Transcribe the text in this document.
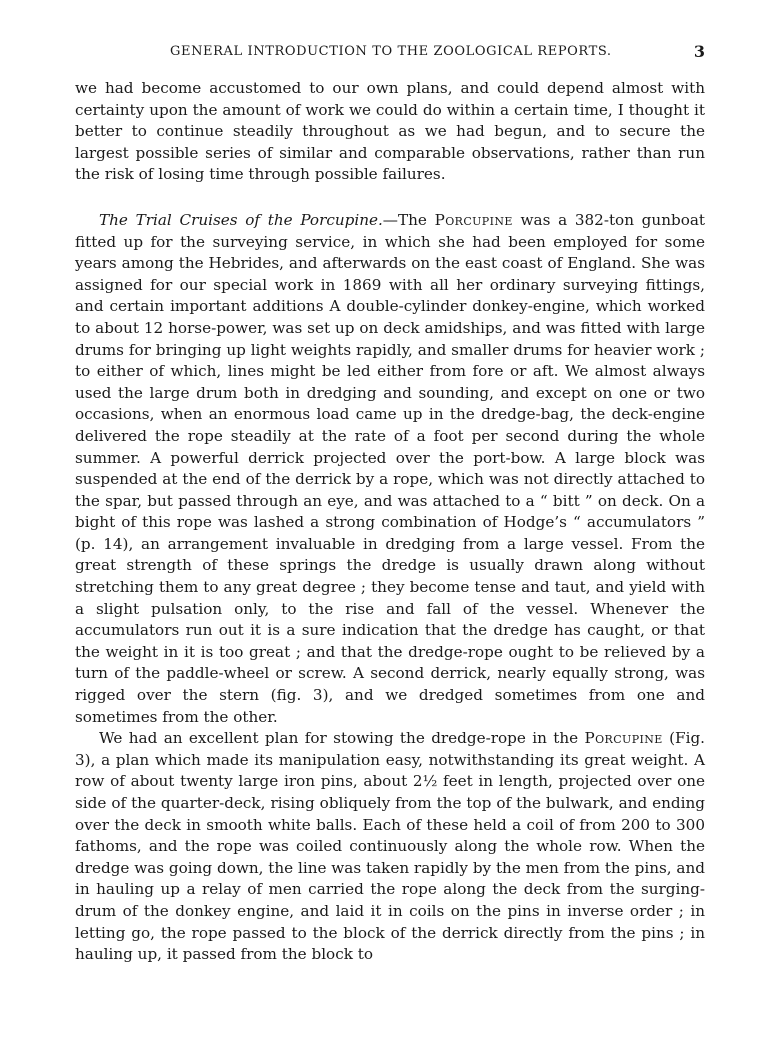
GENERAL INTRODUCTION TO THE ZOOLOGICAL REPORTS.	3

we had become accustomed to our own plans, and could depend almost with certainty upon the amount of work we could do within a certain time, I thought it better to continue steadily throughout as we had begun, and to secure the largest possible series of similar and comparable observations, rather than run the risk of losing time through possible failures.

The Trial Cruises of the Porcupine.—The Porcupine was a 382-ton gunboat fitted up for the surveying service, in which she had been employed for some years among the Hebrides, and afterwards on the east coast of England. She was assigned for our special work in 1869 with all her ordinary surveying fittings, and certain important additions A double-cylinder donkey-engine, which worked to about 12 horse-power, was set up on deck amidships, and was fitted with large drums for bringing up light weights rapidly, and smaller drums for heavier work ; to either of which, lines might be led either from fore or aft. We almost always used the large drum both in dredging and sounding, and except on one or two occasions, when an enormous load came up in the dredge-bag, the deck-engine delivered the rope steadily at the rate of a foot per second during the whole summer. A powerful derrick projected over the port-bow. A large block was suspended at the end of the derrick by a rope, which was not directly attached to the spar, but passed through an eye, and was attached to a “ bitt ” on deck. On a bight of this rope was lashed a strong combination of Hodge’s “ accumulators ” (p. 14), an arrangement invaluable in dredging from a large vessel. From the great strength of these springs the dredge is usually drawn along without stretching them to any great degree ; they become tense and taut, and yield with a slight pulsation only, to the rise and fall of the vessel. Whenever the accumulators run out it is a sure indication that the dredge has caught, or that the weight in it is too great ; and that the dredge-rope ought to be relieved by a turn of the paddle-wheel or screw. A second derrick, nearly equally strong, was rigged over the stern (fig. 3), and we dredged sometimes from one and sometimes from the other.

We had an excellent plan for stowing the dredge-rope in the Porcupine (Fig. 3), a plan which made its manipulation easy, notwithstanding its great weight. A row of about twenty large iron pins, about 2½ feet in length, projected over one side of the quarter-deck, rising obliquely from the top of the bulwark, and ending over the deck in smooth white balls. Each of these held a coil of from 200 to 300 fathoms, and the rope was coiled continuously along the whole row. When the dredge was going down, the line was taken rapidly by the men from the pins, and in hauling up a relay of men carried the rope along the deck from the surging-drum of the donkey engine, and laid it in coils on the pins in inverse order ; in letting go, the rope passed to the block of the derrick directly from the pins ; in hauling up, it passed from the block to
